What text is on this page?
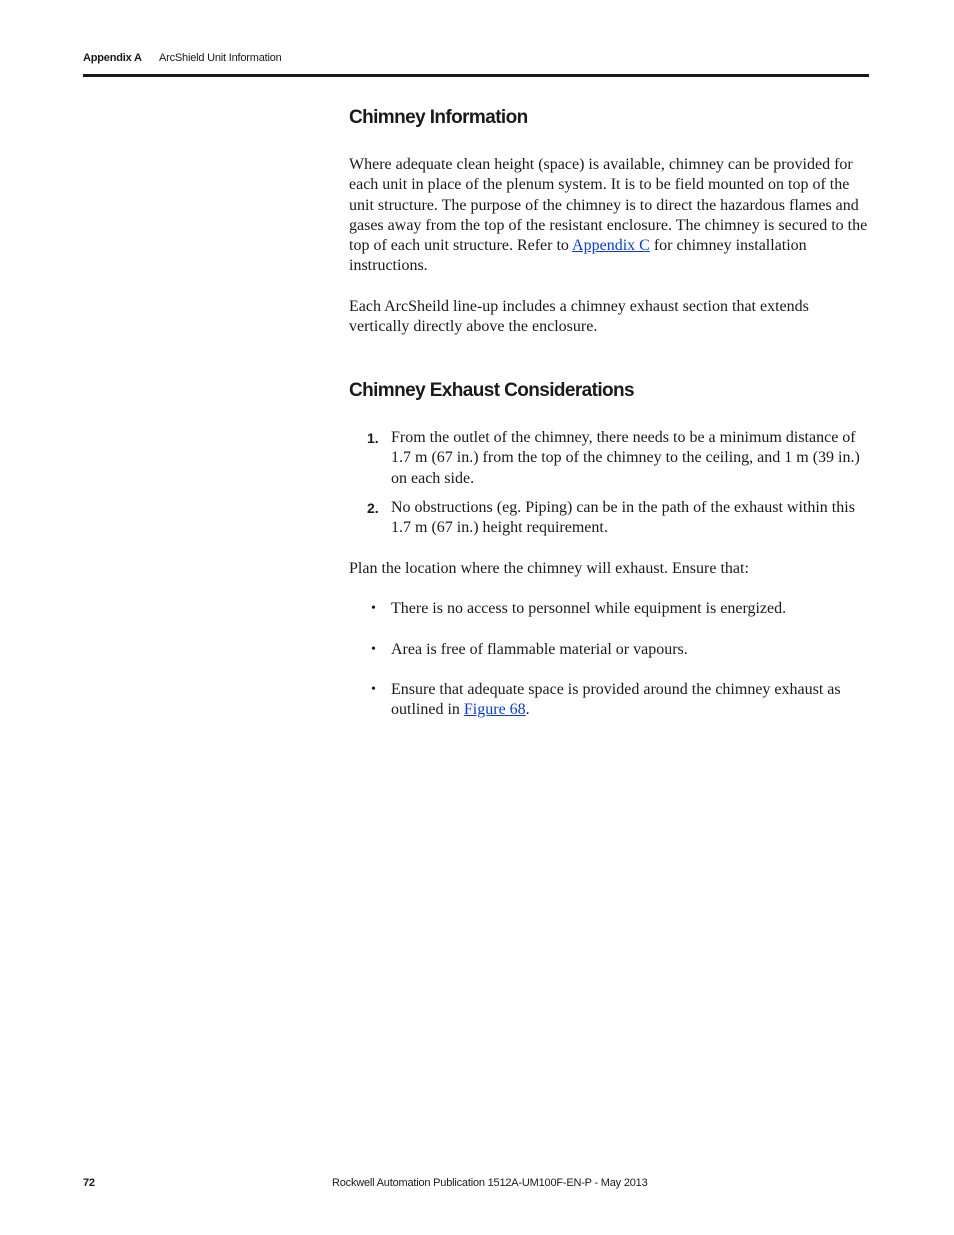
Appendix A ArcShield Unit Information
Chimney Information

Where adequate clean height (space) is available, chimney can be provided for each unit in place of the plenum system. It is to be field mounted on top of the unit structure. The purpose of the chimney is to direct the hazardous flames and gases away from the top of the resistant enclosure. The chimney is secured to the top of each unit structure. Refer to Appendix C for chimney installation instructions.

Each ArcSheild line-up includes a chimney exhaust section that extends vertically directly above the enclosure.

Chimney Exhaust Considerations
1. From the outlet of the chimney, there needs to be a minimum distance of 1.7 m (67 in.) from the top of the chimney to the ceiling, and 1 m (39 in.) on each side.
2. No obstructions (eg. Piping) can be in the path of the exhaust within this 1.7 m (67 in.) height requirement.

Plan the location where the chimney will exhaust. Ensure that:

• There is no access to personnel while equipment is energized.
• Area is free of flammable material or vapours.
• Ensure that adequate space is provided around the chimney exhaust as outlined in Figure 68.
72	Rockwell Automation Publication 1512A-UM100F-EN-P - May 2013
